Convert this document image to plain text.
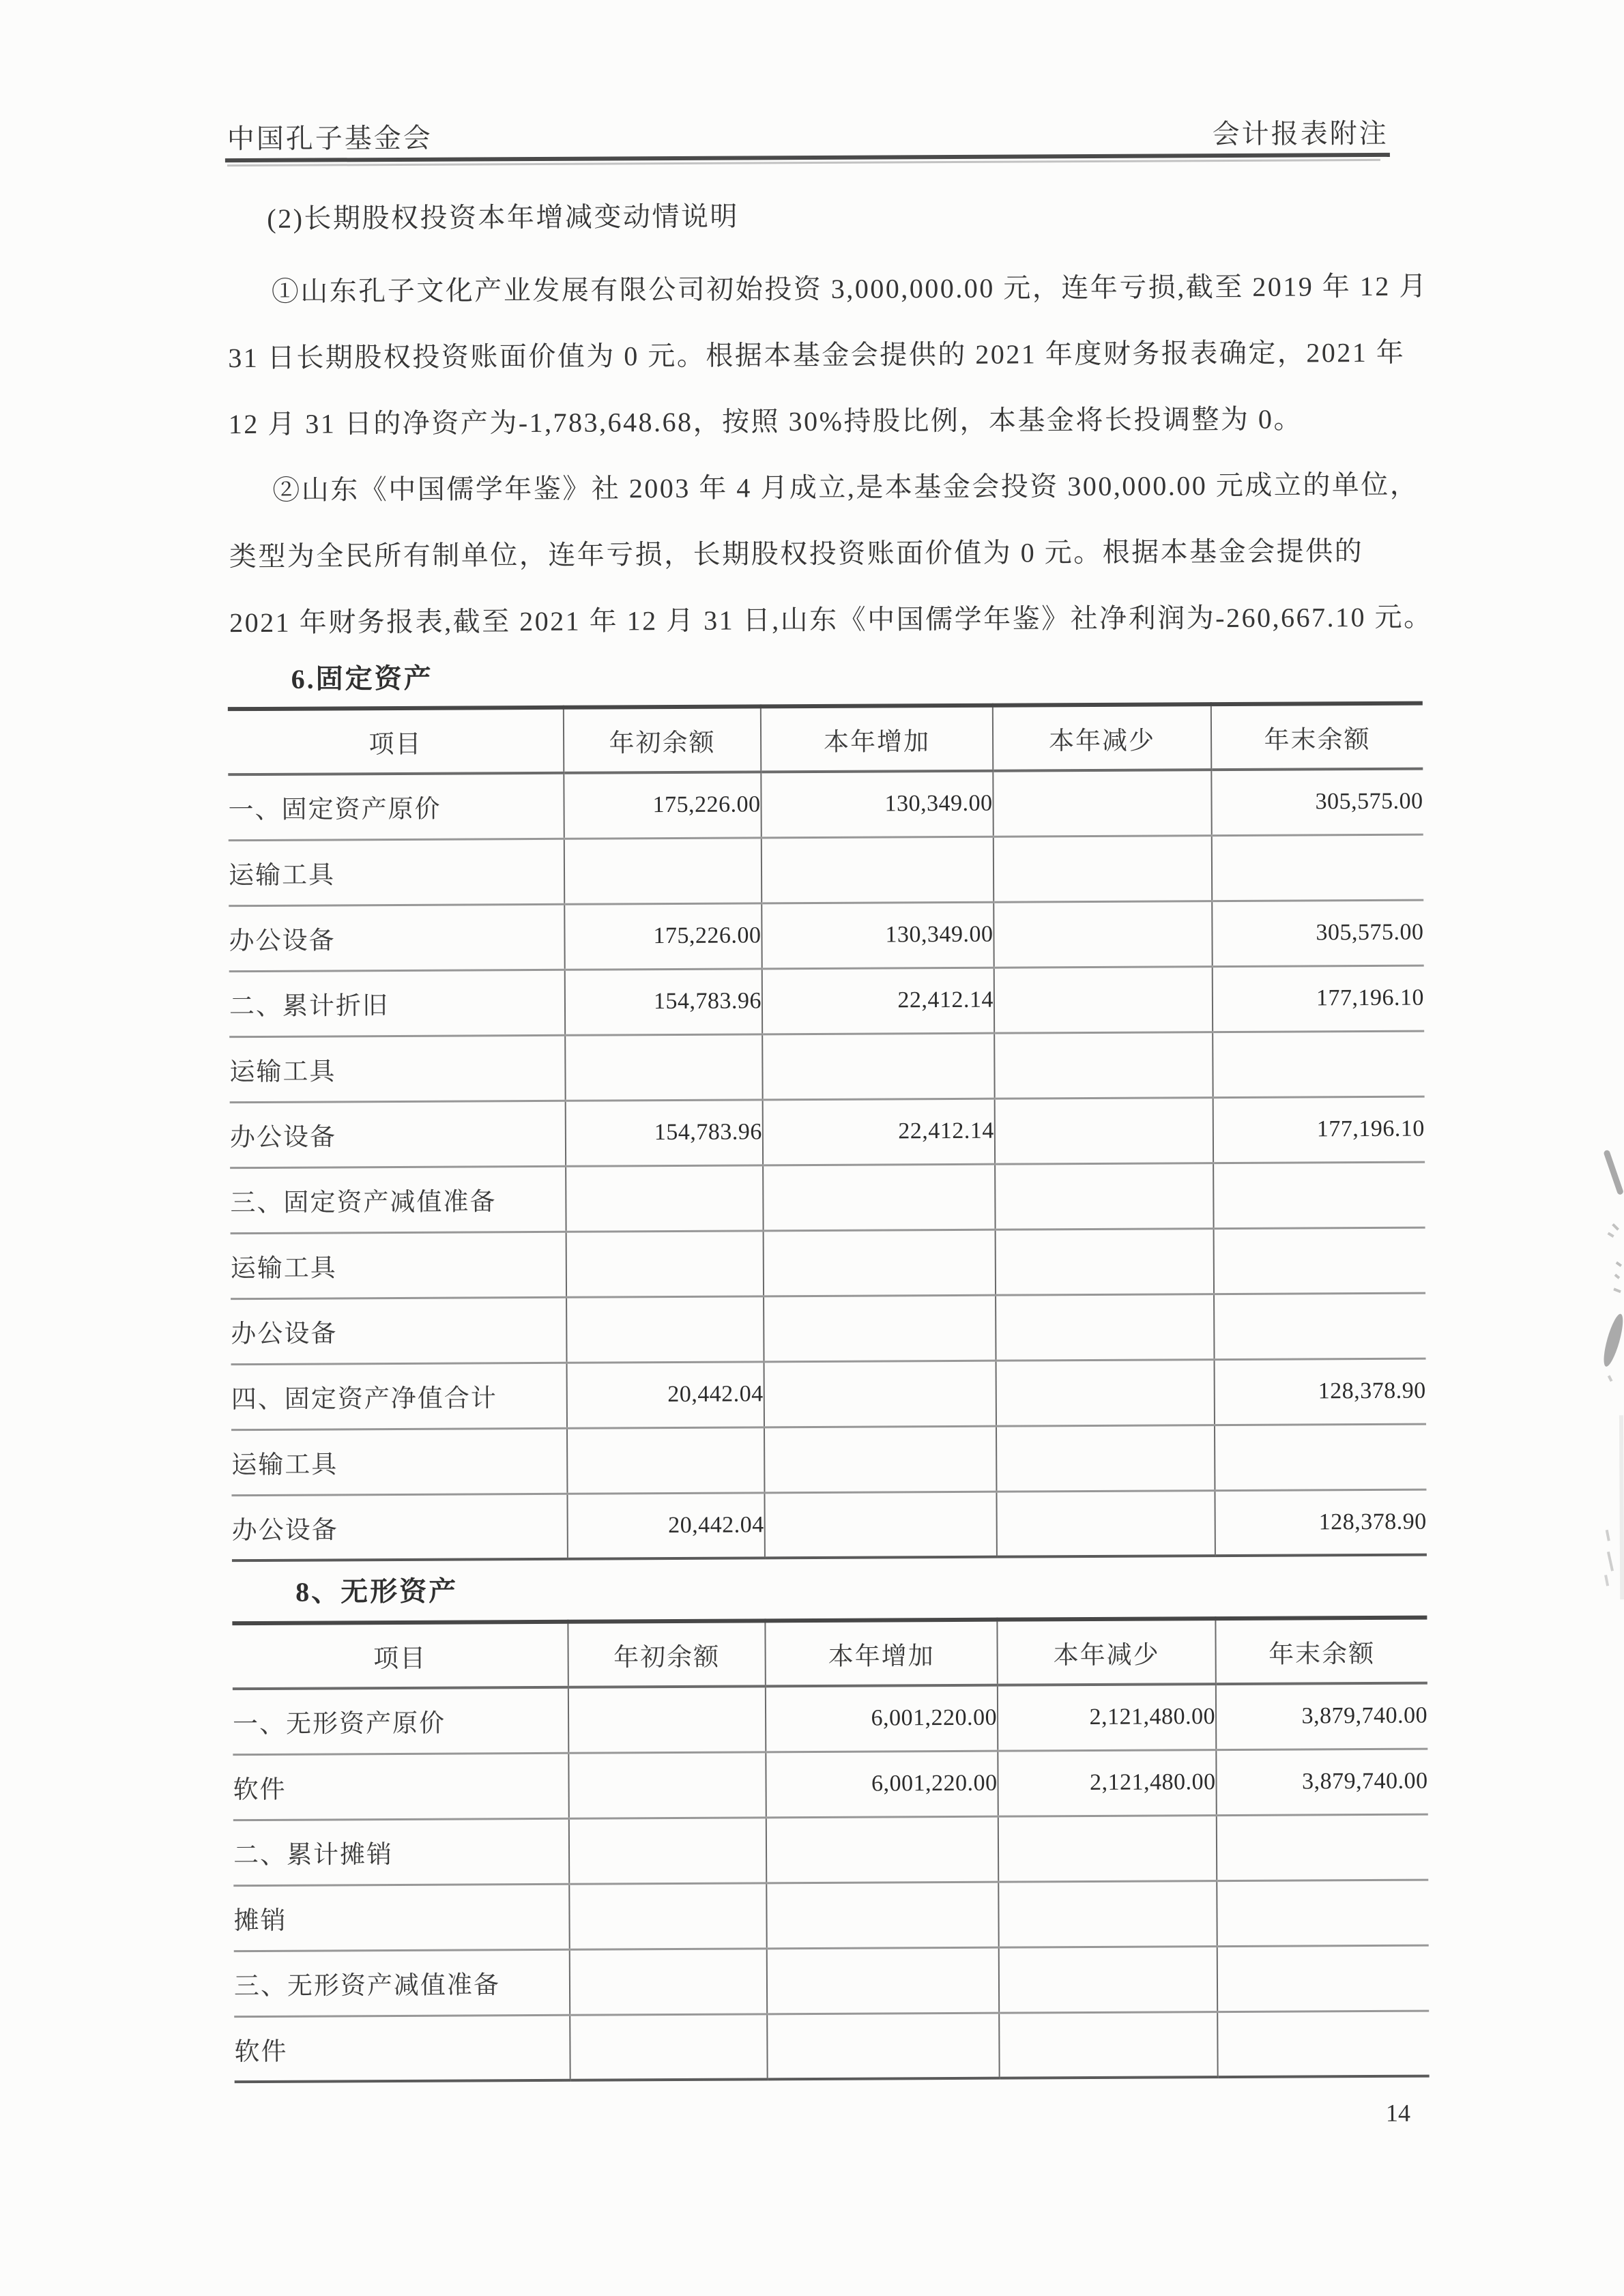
中国孔子基金会	会计报表附注
(2)长期股权投资本年增减变动情说明
①山东孔子文化产业发展有限公司初始投资 3,000,000.00 元，连年亏损,截至 2019 年 12 月
31 日长期股权投资账面价值为 0 元。根据本基金会提供的 2021 年度财务报表确定，2021 年
12 月 31 日的净资产为-1,783,648.68，按照 30%持股比例，本基金将长投调整为 0。
②山东《中国儒学年鉴》社 2003 年 4 月成立,是本基金会投资 300,000.00 元成立的单位，
类型为全民所有制单位，连年亏损，长期股权投资账面价值为 0 元。根据本基金会提供的
2021 年财务报表,截至 2021 年 12 月 31 日,山东《中国儒学年鉴》社净利润为-260,667.10 元。
6.固定资产
项目	年初余额	本年增加	本年减少	年末余额
一、固定资产原价	175,226.00	130,349.00		305,575.00
运输工具				
办公设备	175,226.00	130,349.00		305,575.00
二、累计折旧	154,783.96	22,412.14		177,196.10
运输工具				
办公设备	154,783.96	22,412.14		177,196.10
三、固定资产减值准备				
运输工具				
办公设备				
四、固定资产净值合计	20,442.04			128,378.90
运输工具				
办公设备	20,442.04			128,378.90
8、无形资产
项目	年初余额	本年增加	本年减少	年末余额
一、无形资产原价		6,001,220.00	2,121,480.00	3,879,740.00
软件		6,001,220.00	2,121,480.00	3,879,740.00
二、累计摊销				
摊销				
三、无形资产减值准备				
软件				
14
